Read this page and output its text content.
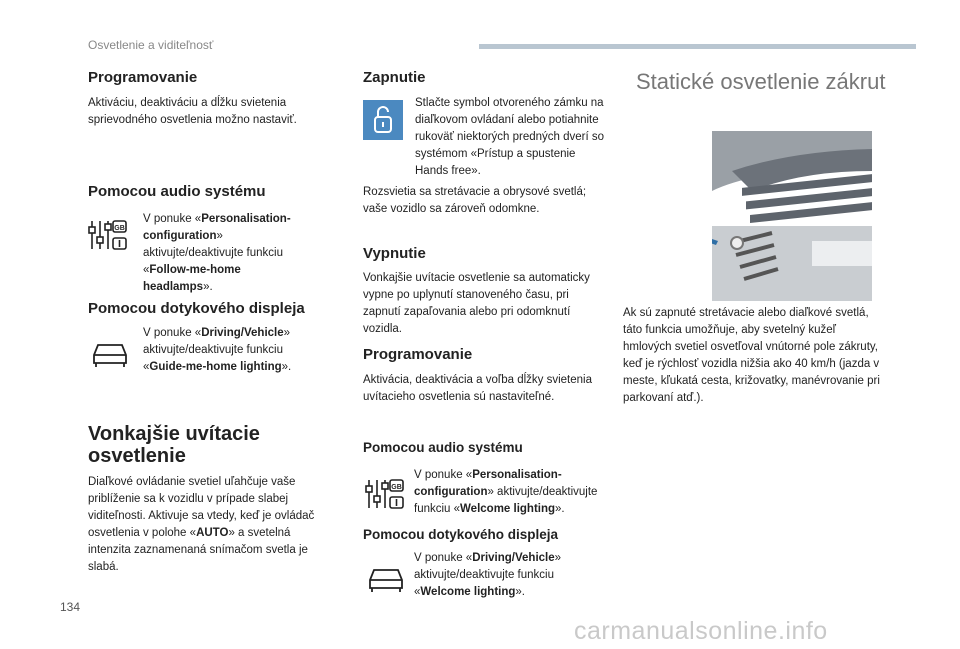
Osvetlenie a viditeľnosť
Programovanie

Aktiváciu, deaktiváciu a dĺžku svietenia sprievodného osvetlenia možno nastaviť.

Pomocou audio systému
GB

V ponuke «Personalisation-configuration» aktivujte/deaktivujte funkciu «Follow-me-home headlamps».

Pomocou dotykového displeja

V ponuke «Driving/Vehicle» aktivujte/deaktivujte funkciu «Guide-me-home lighting».

Vonkajšie uvítacie osvetlenie

Diaľkové ovládanie svetiel uľahčuje vaše priblíženie sa k vozidlu v prípade slabej viditeľnosti. Aktivuje sa vtedy, keď je ovládač osvetlenia v polohe «AUTO» a svetelná intenzita zaznamenaná snímačom svetla je slabá.

Zapnutie

Stlačte symbol otvoreného zámku na diaľkovom ovládaní alebo potiahnite rukoväť niektorých predných dverí so systémom «Prístup a spustenie Hands free».

Rozsvietia sa stretávacie a obrysové svetlá; vaše vozidlo sa zároveň odomkne.

Vypnutie

Vonkajšie uvítacie osvetlenie sa automaticky vypne po uplynutí stanoveného času, pri zapnutí zapaľovania alebo pri odomknutí vozidla.

Programovanie

Aktivácia, deaktivácia a voľba dĺžky svietenia uvítacieho osvetlenia sú nastaviteľné.

Pomocou audio systému
GB

V ponuke «Personalisation-configuration» aktivujte/deaktivujte funkciu «Welcome lighting».

Pomocou dotykového displeja

V ponuke «Driving/Vehicle» aktivujte/deaktivujte funkciu «Welcome lighting».

Statické osvetlenie zákrut

Ak sú zapnuté stretávacie alebo diaľkové svetlá, táto funkcia umožňuje, aby svetelný kužeľ hmlových svetiel osvetľoval vnútorné pole zákruty, keď je rýchlosť vozidla nižšia ako 40 km/h (jazda v meste, kľukatá cesta, križovatky, manévrovanie pri parkovaní atď.).

134
carmanualsonline.info
